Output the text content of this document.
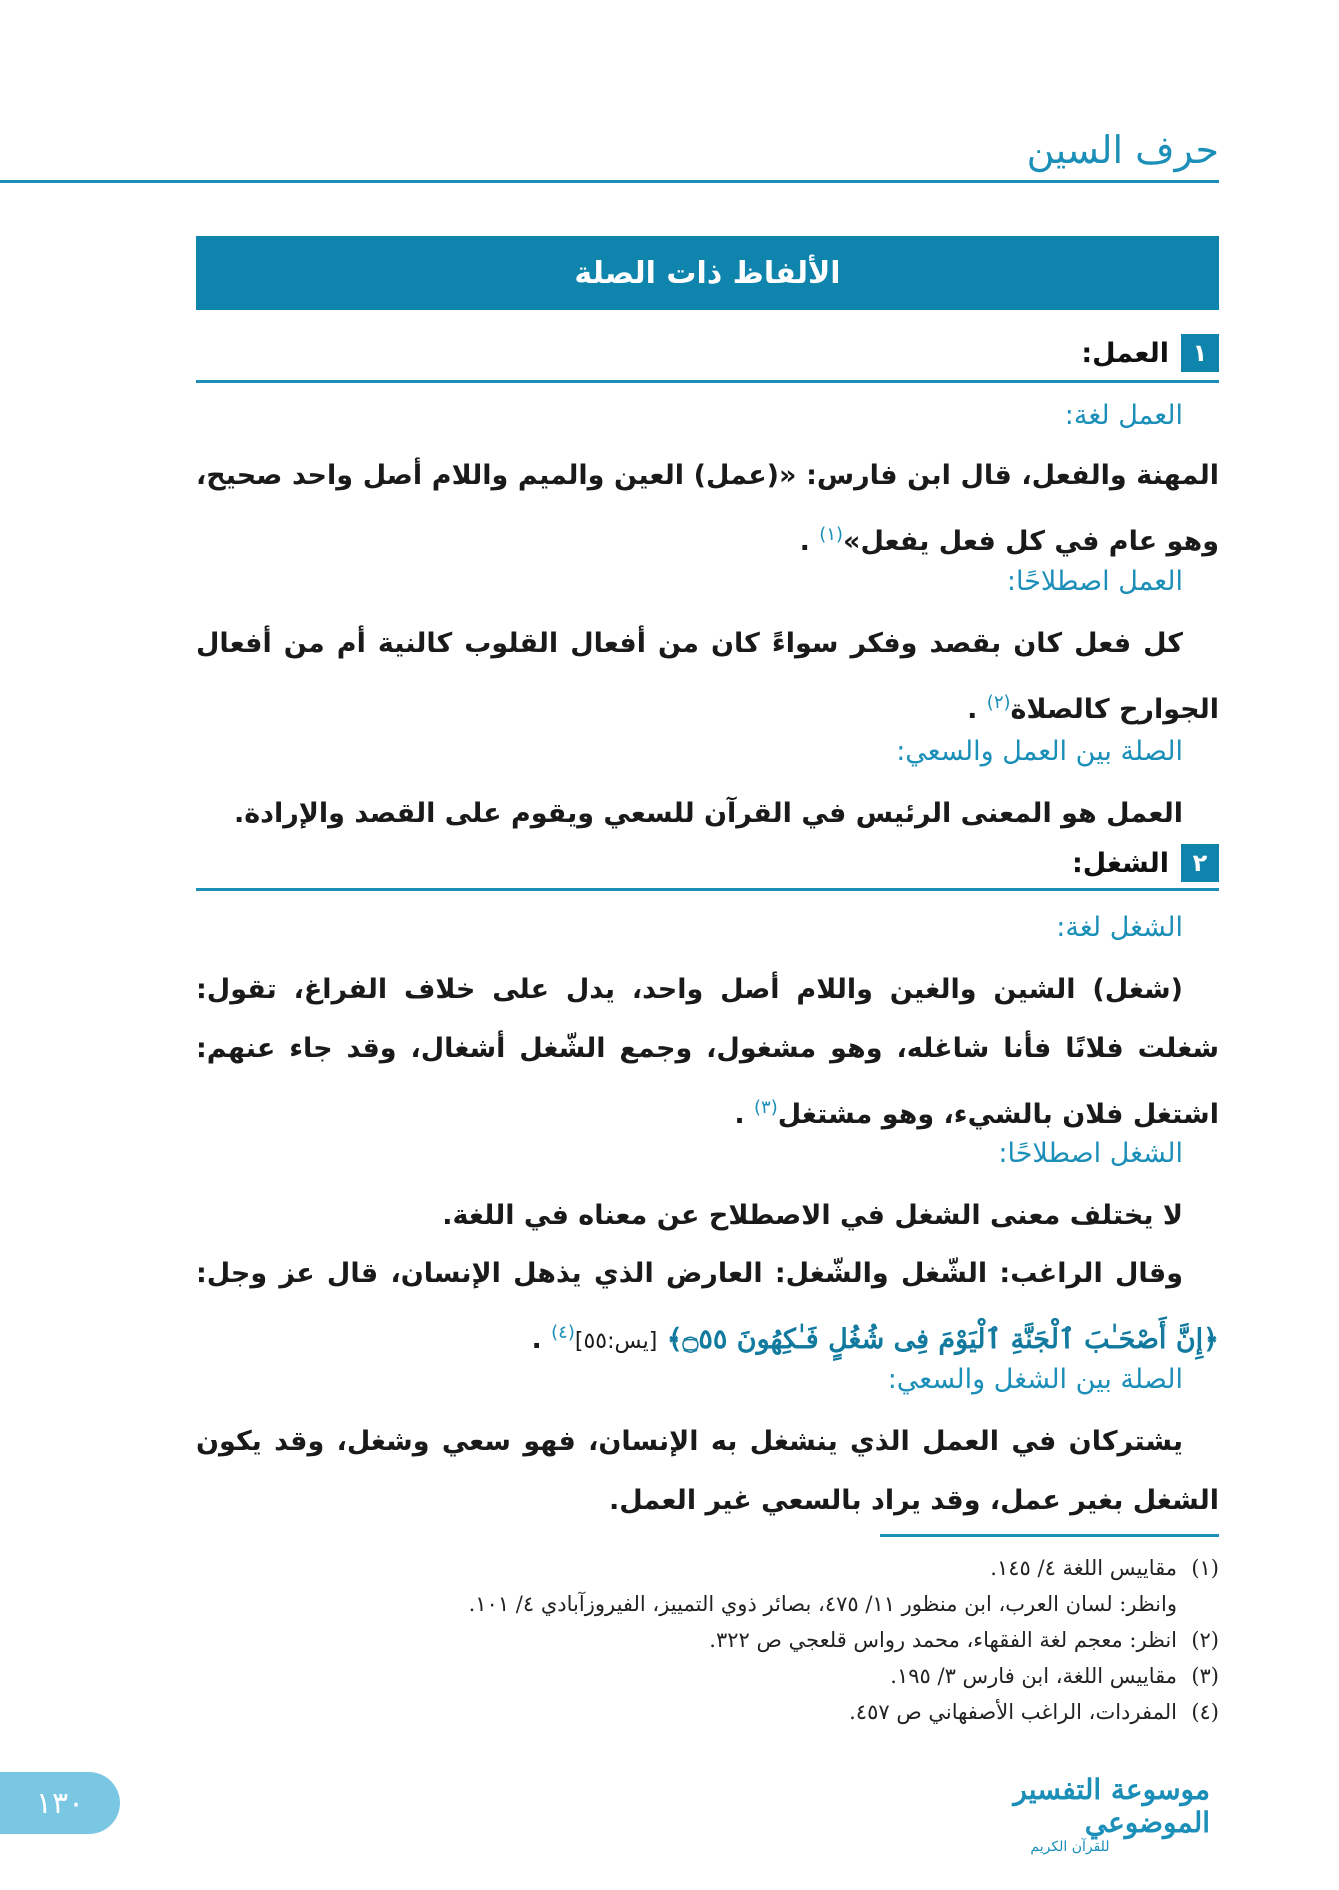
حرف السين
الألفاظ ذات الصلة
١
العمل:
العمل لغة:
المهنة والفعل، قال ابن فارس: «(عمل) العين والميم واللام أصل واحد صحيح، وهو عام في كل فعل يفعل»$^{(١)}$ .
العمل اصطلاحًا:
كل فعل كان بقصد وفكر سواءً كان من أفعال القلوب كالنية أم من أفعال الجوارح كالصلاة$^{(٢)}$ .
الصلة بين العمل والسعي:
العمل هو المعنى الرئيس في القرآن للسعي ويقوم على القصد والإرادة.
٢
الشغل:
الشغل لغة:
(شغل) الشين والغين واللام أصل واحد، يدل على خلاف الفراغ، تقول: شغلت فلانًا فأنا شاغله، وهو مشغول، وجمع الشّغل أشغال، وقد جاء عنهم: اشتغل فلان بالشيء، وهو مشتغل$^{(٣)}$ .
الشغل اصطلاحًا:
لا يختلف معنى الشغل في الاصطلاح عن معناه في اللغة.
وقال الراغب: الشّغل والشّغل: العارض الذي يذهل الإنسان، قال عز وجل: ﴿إِنَّ أَصْحَـٰبَ ٱلْجَنَّةِ ٱلْيَوْمَ فِى شُغُلٍ فَـٰكِهُونَ ۝٥٥﴾ [يس:٥٥]$^{(٤)}$ .
الصلة بين الشغل والسعي:
يشتركان في العمل الذي ينشغل به الإنسان، فهو سعي وشغل، وقد يكون الشغل بغير عمل، وقد يراد بالسعي غير العمل.
(١)
مقاييس اللغة ٤/ ١٤٥.
وانظر: لسان العرب، ابن منظور ١١/ ٤٧٥، بصائر ذوي التمييز، الفيروزآبادي ٤/ ١٠١.
(٢)
انظر: معجم لغة الفقهاء، محمد رواس قلعجي ص ٣٢٢.
(٣)
مقاييس اللغة، ابن فارس ٣/ ١٩٥.
(٤)
المفردات، الراغب الأصفهاني ص ٤٥٧.
موسوعة التفسير الموضوعي
للقرآن الكريم
١٣٠
